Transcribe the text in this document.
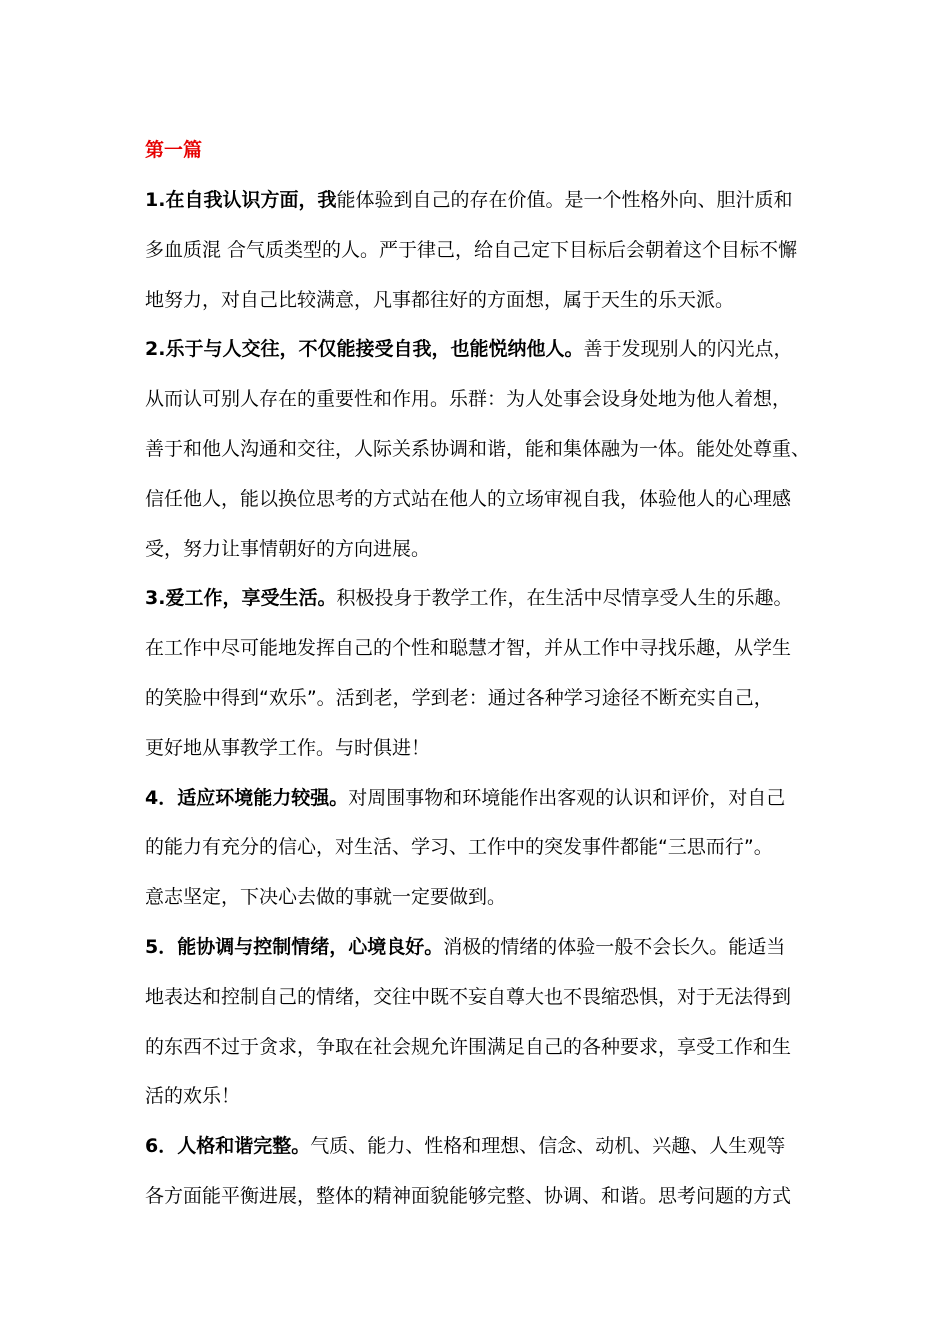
第一篇
1.在自我认识方面，我能体验到自己的存在价值。是一个性格外向、胆汁质和
多血质混 合气质类型的人。严于律己，给自己定下目标后会朝着这个目标不懈
地努力，对自己比较满意，凡事都往好的方面想，属于天生的乐天派。
2.乐于与人交往，不仅能接受自我，也能悦纳他人。善于发现别人的闪光点，
从而认可别人存在的重要性和作用。乐群：为人处事会设身处地为他人着想，
善于和他人沟通和交往，人际关系协调和谐，能和集体融为一体。能处处尊重、
信任他人，能以换位思考的方式站在他人的立场审视自我，体验他人的心理感
受，努力让事情朝好的方向进展。
3.爱工作，享受生活。积极投身于教学工作，在生活中尽情享受人生的乐趣。
在工作中尽可能地发挥自己的个性和聪慧才智，并从工作中寻找乐趣，从学生
的笑脸中得到“欢乐”。活到老，学到老：通过各种学习途径不断充实自己，
更好地从事教学工作。与时俱进！
4．适应环境能力较强。对周围事物和环境能作出客观的认识和评价，对自己
的能力有充分的信心，对生活、学习、工作中的突发事件都能“三思而行”。
意志坚定，下决心去做的事就一定要做到。
5．能协调与控制情绪，心境良好。消极的情绪的体验一般不会长久。能适当
地表达和控制自己的情绪，交往中既不妄自尊大也不畏缩恐惧，对于无法得到
的东西不过于贪求，争取在社会规允许围满足自己的各种要求，享受工作和生
活的欢乐！
6．人格和谐完整。气质、能力、性格和理想、信念、动机、兴趣、人生观等
各方面能平衡进展，整体的精神面貌能够完整、协调、和谐。思考问题的方式
